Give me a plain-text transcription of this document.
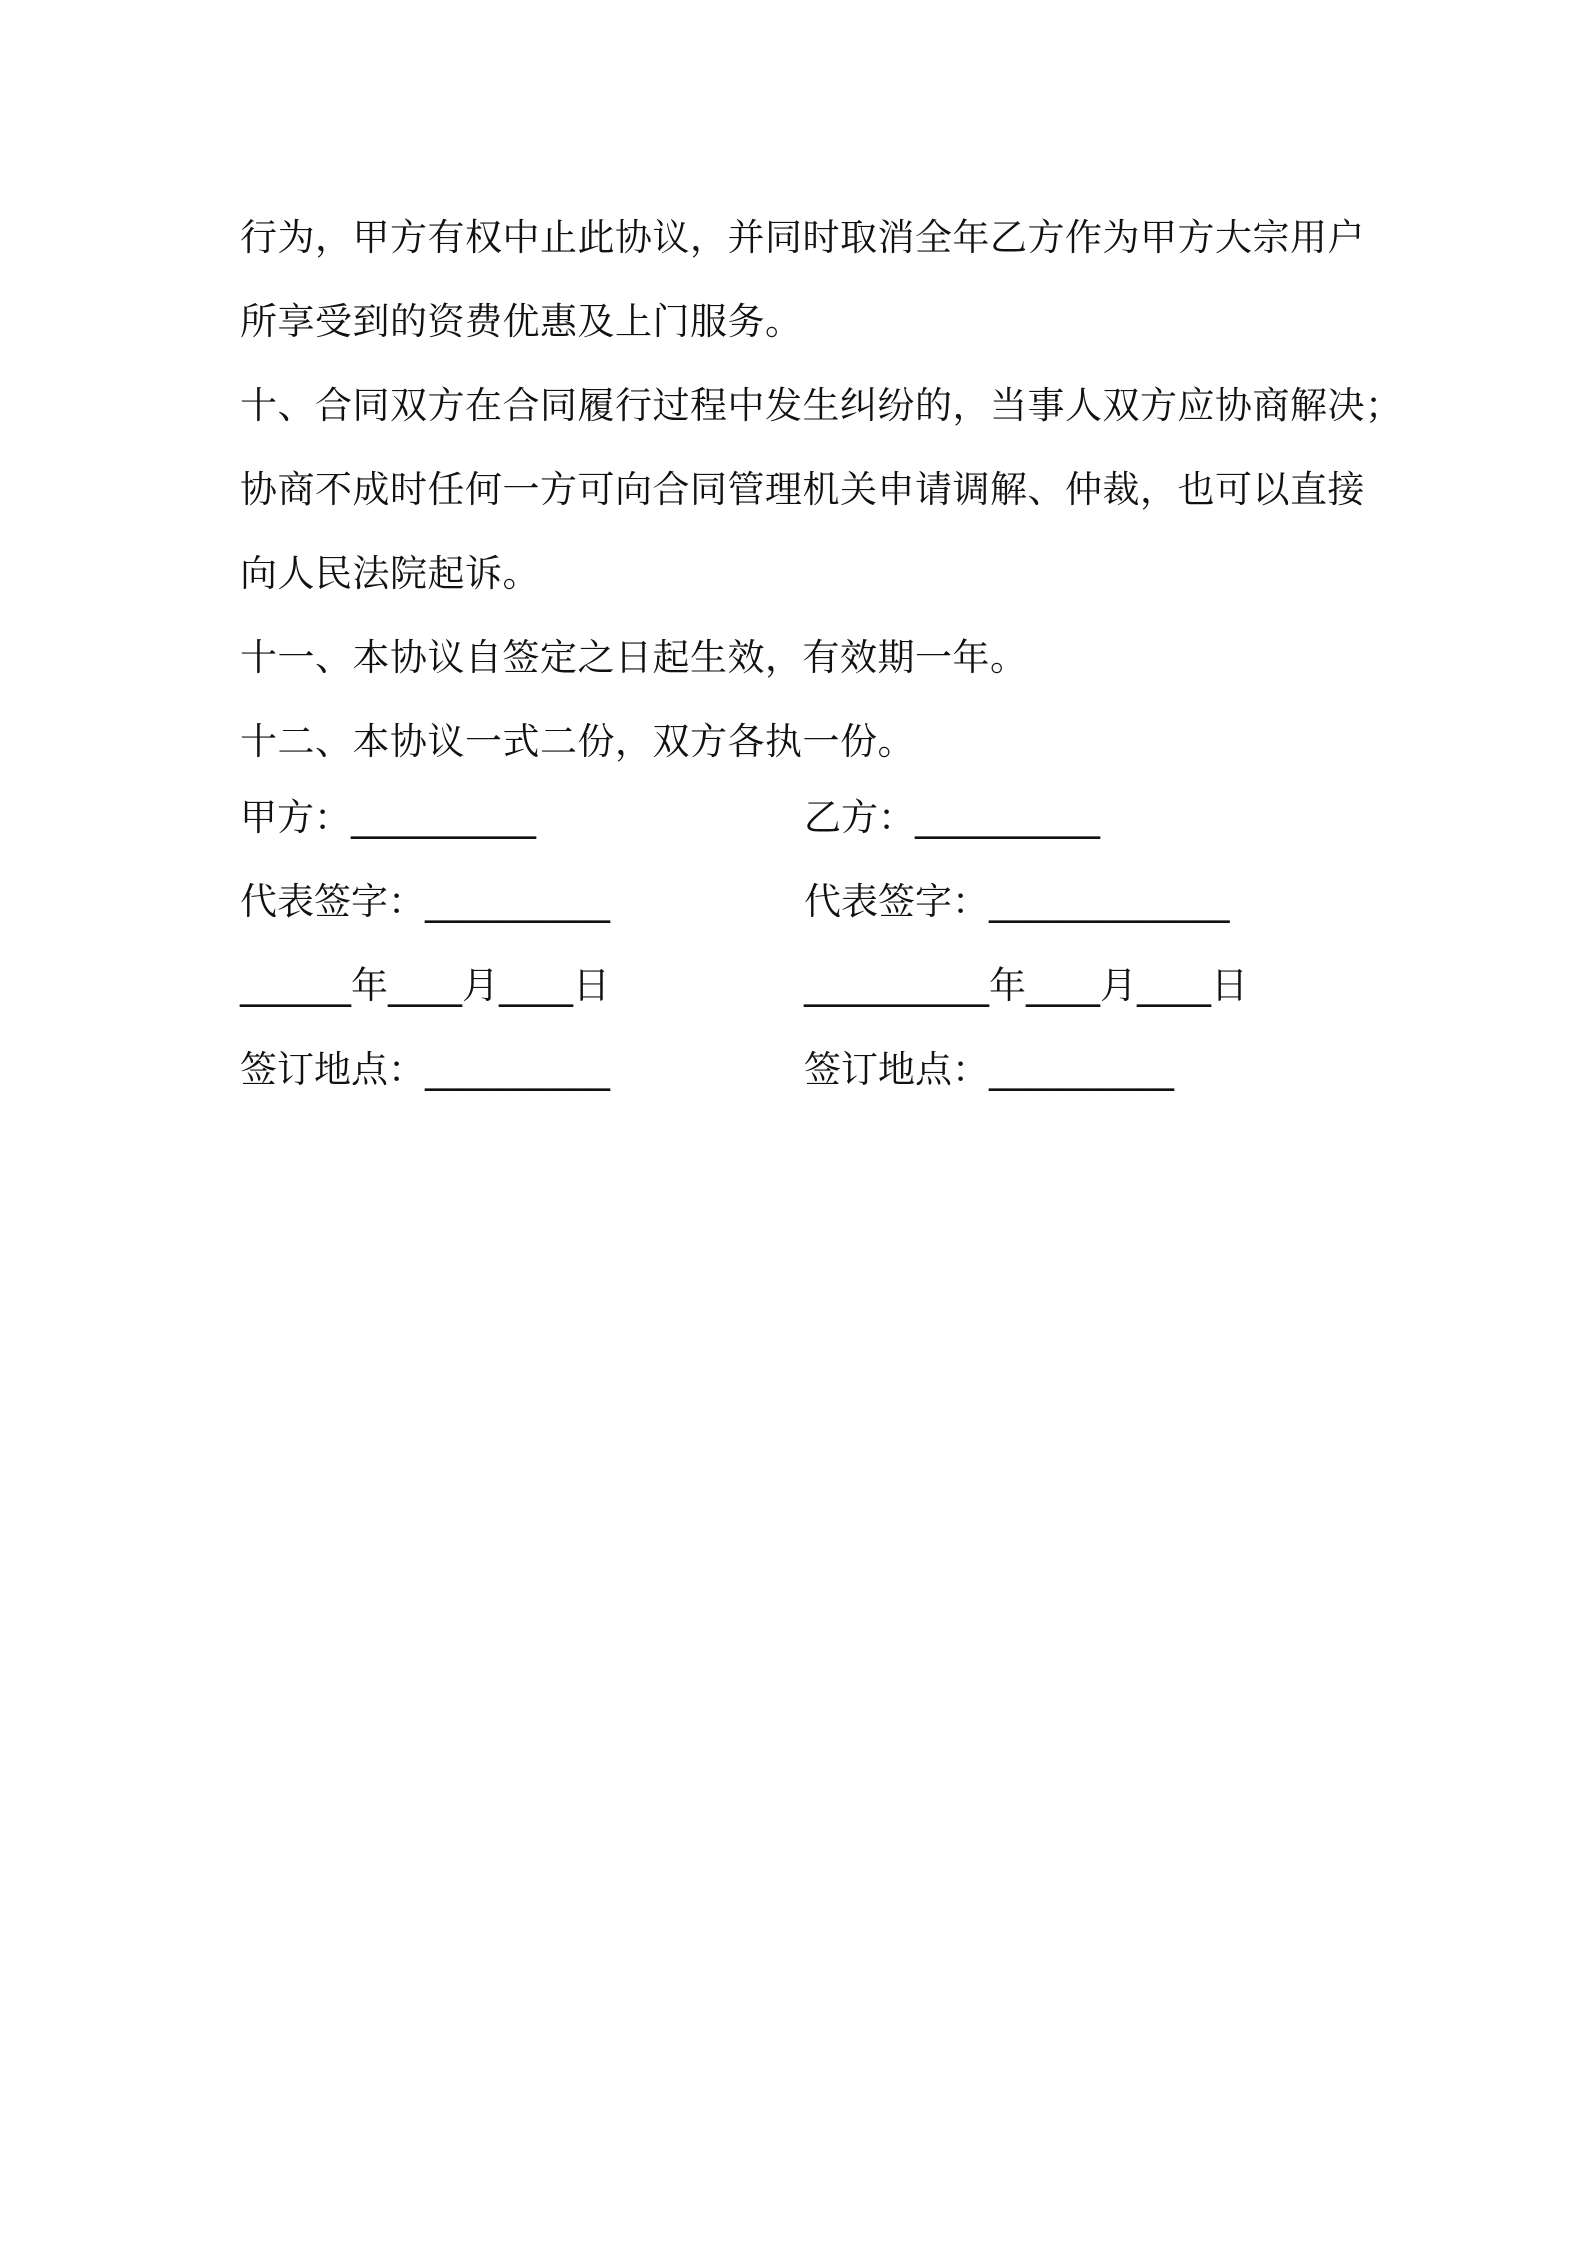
行为，甲方有权中止此协议，并同时取消全年乙方作为甲方大宗用户
所享受到的资费优惠及上门服务。
十、合同双方在合同履行过程中发生纠纷的，当事人双方应协商解决；
协商不成时任何一方可向合同管理机关申请调解、仲裁，也可以直接
向人民法院起诉。
十一、本协议自签定之日起生效，有效期一年。
十二、本协议一式二份，双方各执一份。
甲方：__________	乙方：__________
代表签字：__________	代表签字：_____________
______年____月____日	__________年____月____日
签订地点：__________	签订地点：__________
